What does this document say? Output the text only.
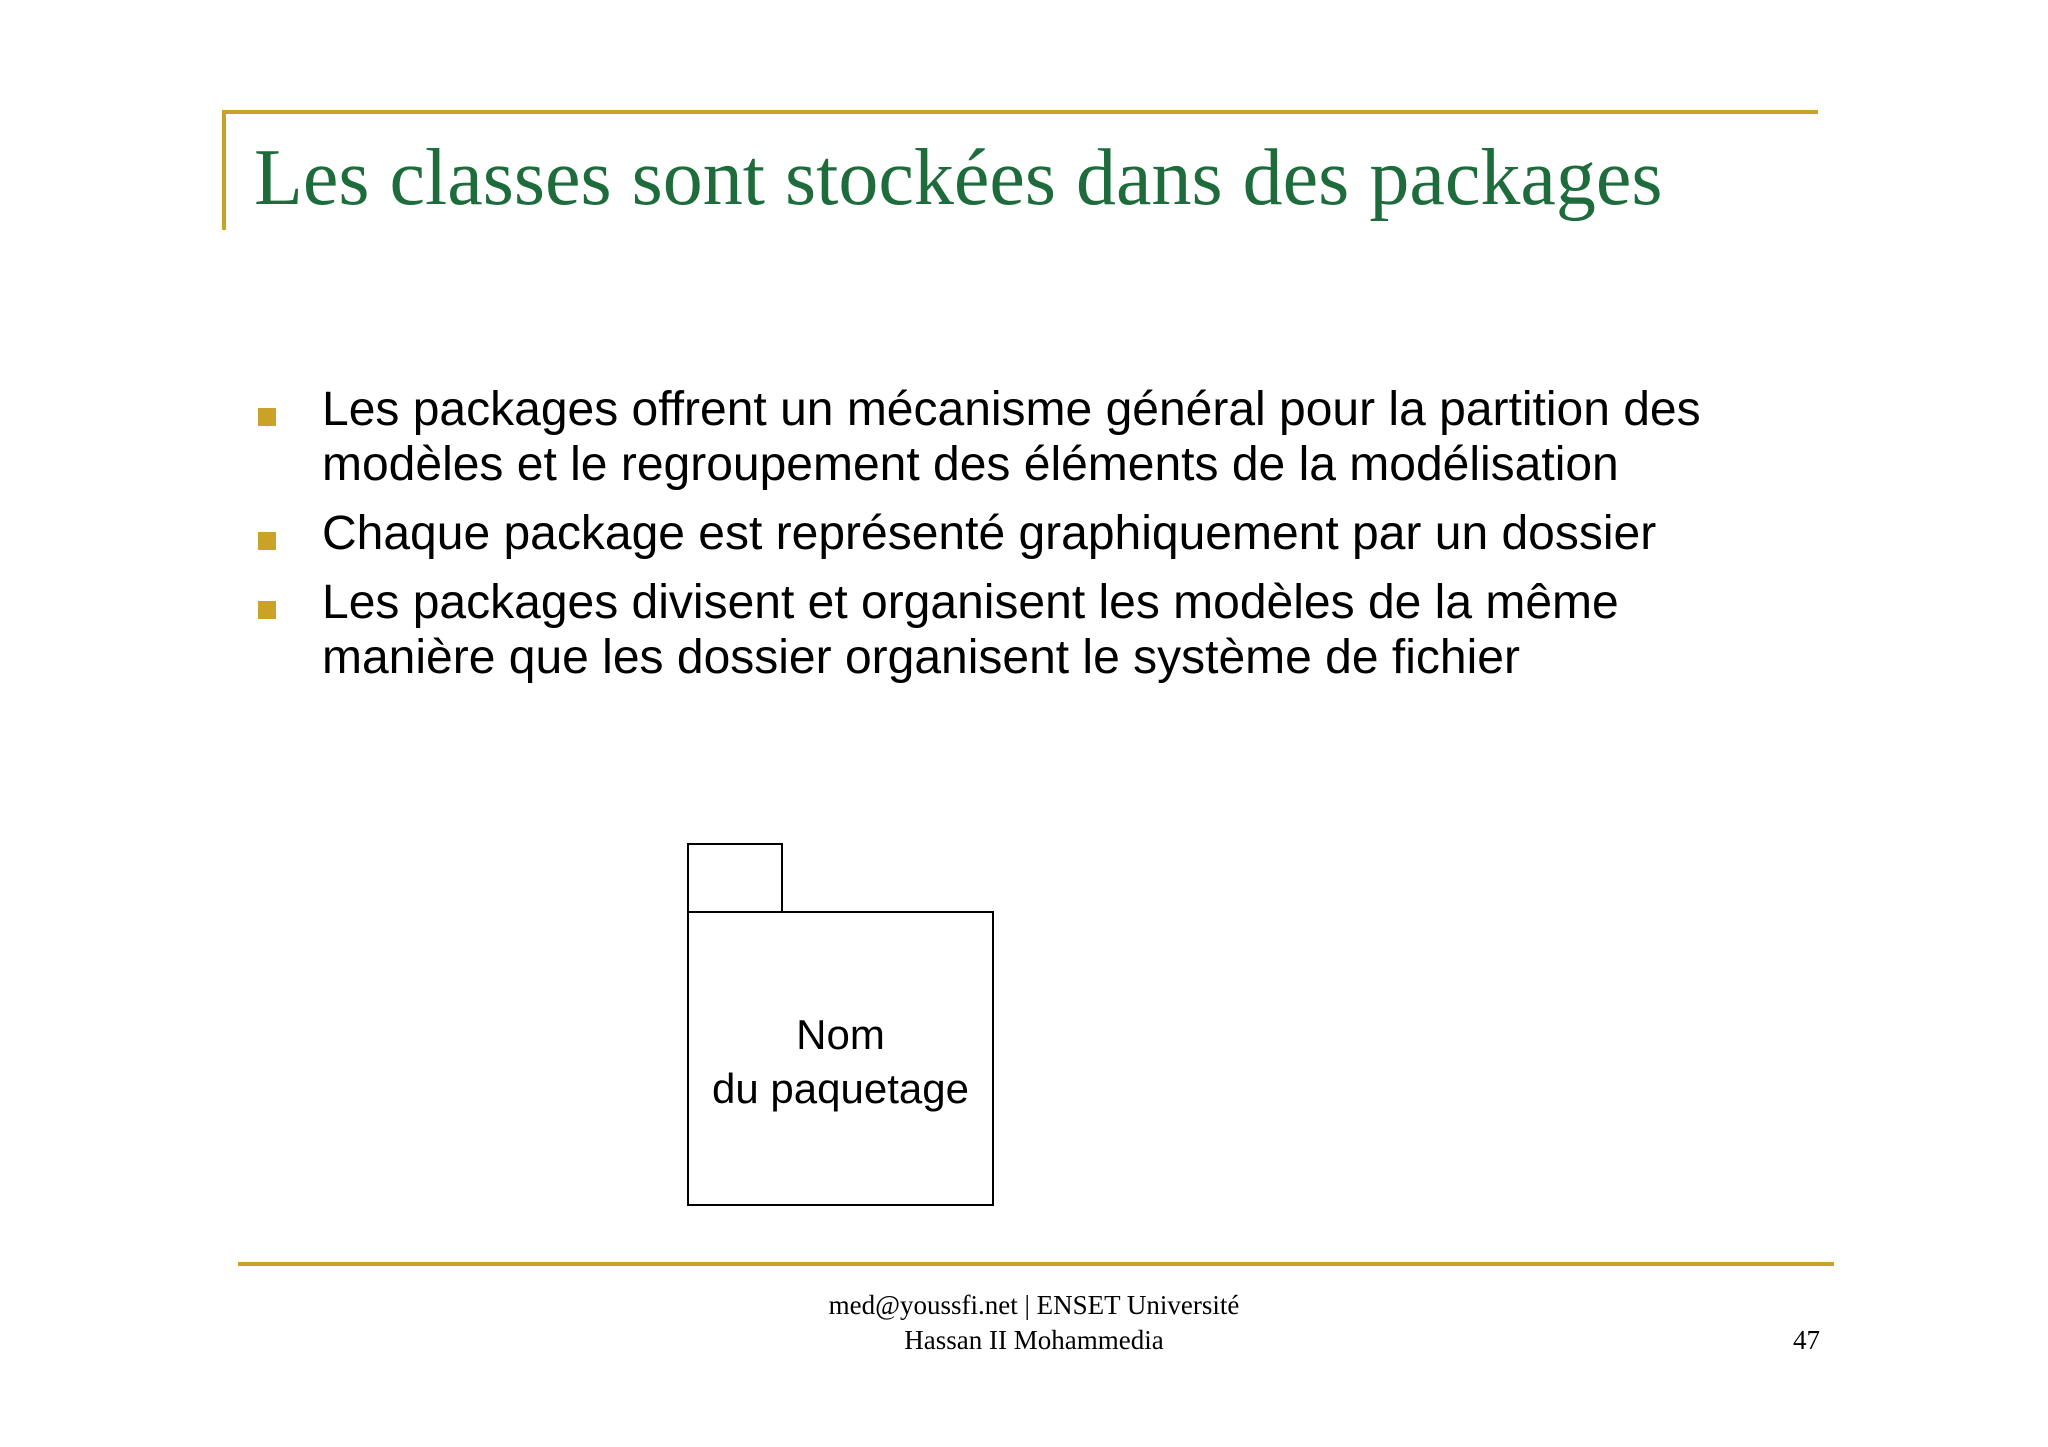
Les classes sont stockées dans des packages
Les packages offrent un mécanisme général pour la partition des
modèles et le regroupement des éléments de la modélisation
Chaque package est représenté graphiquement par un dossier
Les packages divisent et organisent les modèles de la même
manière que les dossier organisent le système de fichier
Nom
du paquetage
med@youssfi.net | ENSET Université
Hassan II Mohammedia	47
